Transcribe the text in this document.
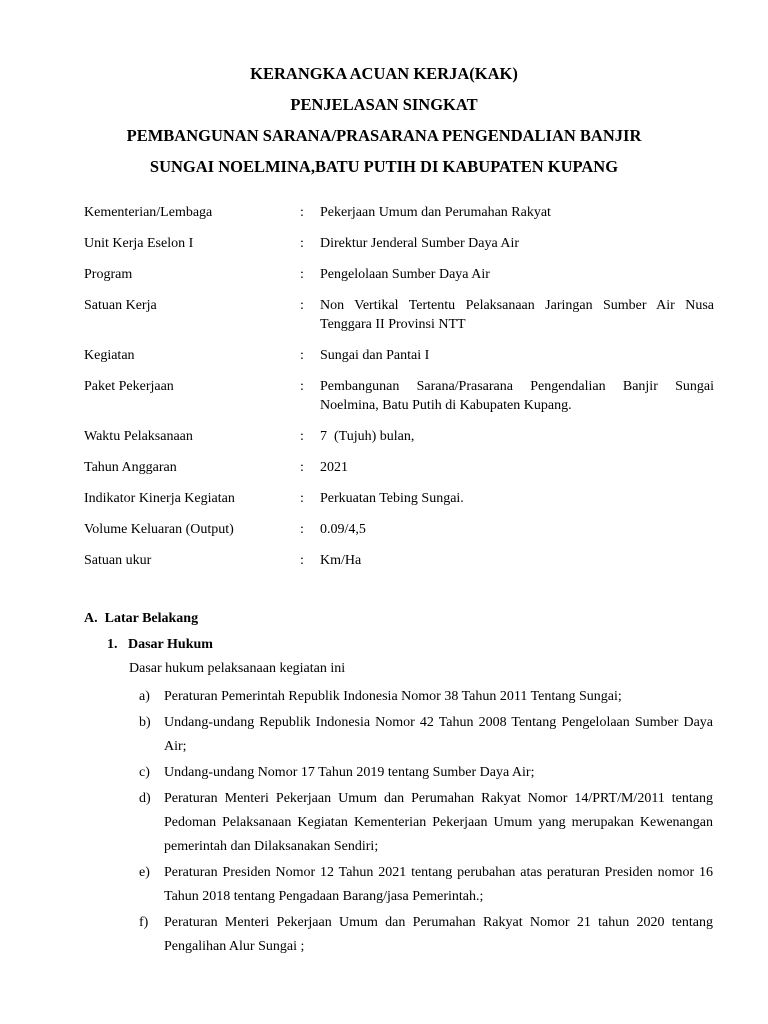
KERANGKA ACUAN KERJA(KAK)
PENJELASAN SINGKAT
PEMBANGUNAN SARANA/PRASARANA PENGENDALIAN BANJIR
SUNGAI NOELMINA,BATU PUTIH DI KABUPATEN KUPANG
Kementerian/Lembaga	:	Pekerjaan Umum dan Perumahan Rakyat
Unit Kerja Eselon I	:	Direktur Jenderal Sumber Daya Air
Program	:	Pengelolaan Sumber Daya Air
Satuan Kerja	:	Non Vertikal Tertentu Pelaksanaan Jaringan Sumber Air Nusa Tenggara II Provinsi NTT
Kegiatan	:	Sungai dan Pantai I
Paket Pekerjaan	:	Pembangunan Sarana/Prasarana Pengendalian Banjir Sungai Noelmina, Batu Putih di Kabupaten Kupang.
Waktu Pelaksanaan	:	7  (Tujuh) bulan,
Tahun Anggaran	:	2021
Indikator Kinerja Kegiatan	:	Perkuatan Tebing Sungai.
Volume Keluaran (Output)	:	0.09/4,5
Satuan ukur	:	Km/Ha
A.  Latar Belakang
1.   Dasar Hukum
Dasar hukum pelaksanaan kegiatan ini
a)	Peraturan Pemerintah Republik Indonesia Nomor 38 Tahun 2011 Tentang Sungai;
b) Undang-undang Republik Indonesia Nomor 42 Tahun 2008 Tentang Pengelolaan Sumber Daya Air;
c)	Undang-undang Nomor 17 Tahun 2019 tentang Sumber Daya Air;
d) Peraturan Menteri Pekerjaan Umum dan Perumahan Rakyat Nomor 14/PRT/M/2011 tentang Pedoman Pelaksanaan Kegiatan Kementerian Pekerjaan Umum yang merupakan Kewenangan pemerintah dan Dilaksanakan Sendiri;
e)	Peraturan Presiden Nomor 12 Tahun 2021 tentang perubahan atas peraturan Presiden nomor 16 Tahun 2018 tentang Pengadaan Barang/jasa Pemerintah.;
f)	Peraturan Menteri Pekerjaan Umum dan Perumahan Rakyat Nomor 21 tahun 2020 tentang Pengalihan Alur Sungai ;
